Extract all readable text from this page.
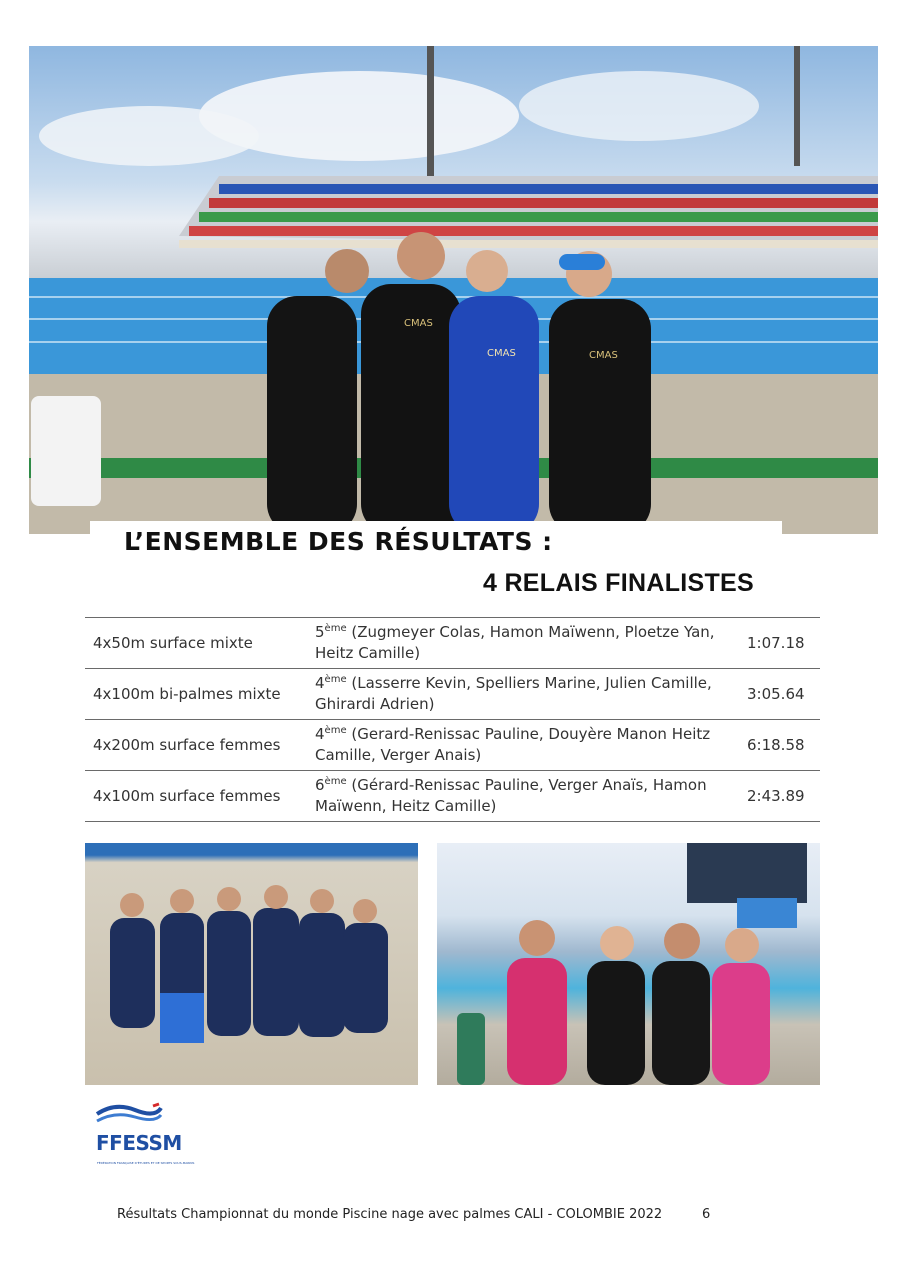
CMAS
CMAS	CMAS
L’ENSEMBLE DES RÉSULTATS :
4 RELAIS FINALISTES
4x50m surface mixte	5ème (Zugmeyer Colas, Hamon Maïwenn, Ploetze Yan, Heitz Camille)	1:07.18
4x100m bi-palmes mixte	4ème (Lasserre Kevin, Spelliers Marine, Julien Camille, Ghirardi Adrien)	3:05.64
4x200m surface femmes	4ème (Gerard-Renissac Pauline, Douyère Manon Heitz Camille, Verger Anais)	6:18.58
4x100m surface femmes	6ème (Gérard-Renissac Pauline, Verger Anaïs, Hamon Maïwenn, Heitz Camille)	2:43.89
FÉDÉRATION FRANÇAISE D'ÉTUDES ET DE SPORTS SOUS-MARINS
FFESSM
Résultats Championnat du monde Piscine nage avec palmes CALI - COLOMBIE 2022	6
